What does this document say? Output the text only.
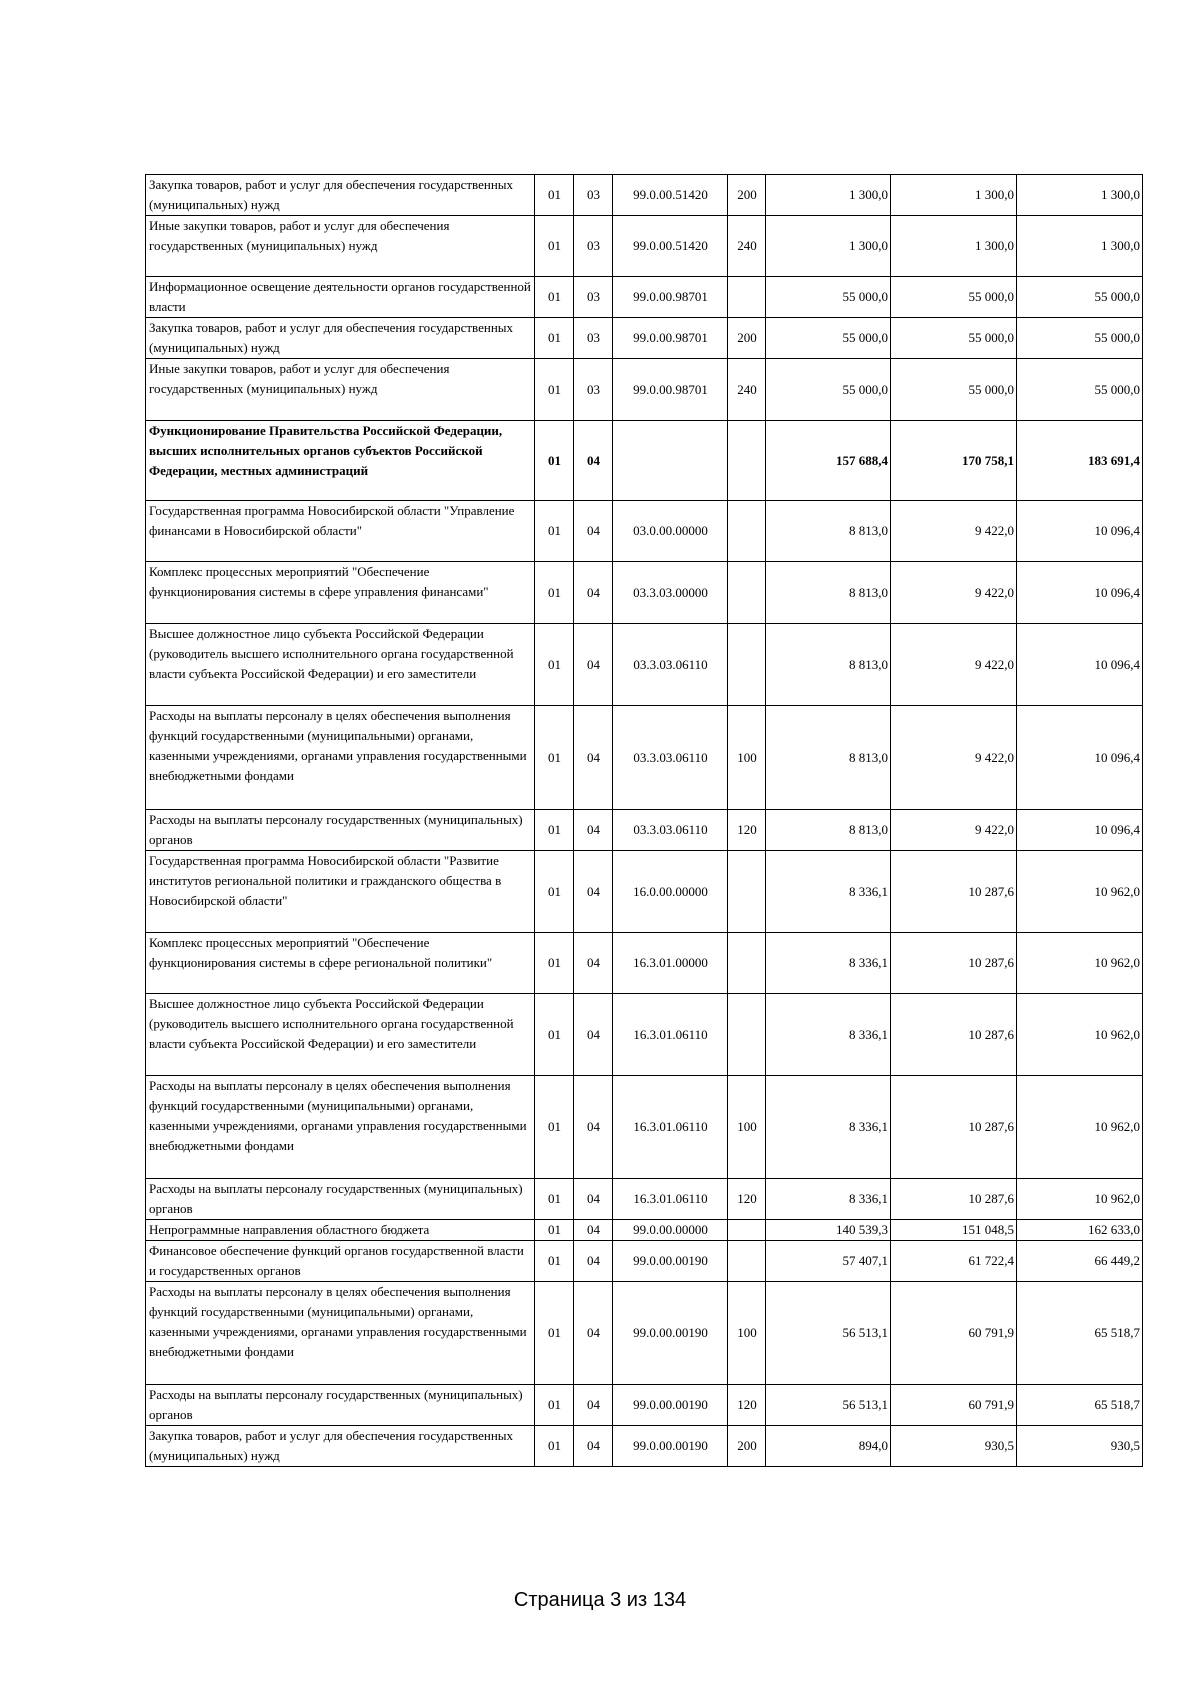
Закупка товаров, работ и услуг для обеспечения государственных (муниципальных) нужд	01	03	99.0.00.51420	200	1 300,0	1 300,0	1 300,0
Иные закупки товаров, работ и услуг для обеспечения государственных (муниципальных) нужд	01	03	99.0.00.51420	240	1 300,0	1 300,0	1 300,0
Информационное освещение деятельности органов государственной власти	01	03	99.0.00.98701		55 000,0	55 000,0	55 000,0
Закупка товаров, работ и услуг для обеспечения государственных (муниципальных) нужд	01	03	99.0.00.98701	200	55 000,0	55 000,0	55 000,0
Иные закупки товаров, работ и услуг для обеспечения государственных (муниципальных) нужд	01	03	99.0.00.98701	240	55 000,0	55 000,0	55 000,0
Функционирование Правительства Российской Федерации, высших исполнительных органов субъектов Российской Федерации, местных администраций	01	04			157 688,4	170 758,1	183 691,4
Государственная программа Новосибирской области "Управление финансами в Новосибирской области"	01	04	03.0.00.00000		8 813,0	9 422,0	10 096,4
Комплекс процессных мероприятий "Обеспечение функционирования системы в сфере управления финансами"	01	04	03.3.03.00000		8 813,0	9 422,0	10 096,4
Высшее должностное лицо субъекта Российской Федерации (руководитель высшего исполнительного органа государственной власти субъекта Российской Федерации) и его заместители	01	04	03.3.03.06110		8 813,0	9 422,0	10 096,4
Расходы на выплаты персоналу в целях обеспечения выполнения функций государственными (муниципальными) органами, казенными учреждениями, органами управления государственными внебюджетными фондами	01	04	03.3.03.06110	100	8 813,0	9 422,0	10 096,4
Расходы на выплаты персоналу государственных (муниципальных) органов	01	04	03.3.03.06110	120	8 813,0	9 422,0	10 096,4
Государственная программа Новосибирской области "Развитие институтов региональной политики и гражданского общества в Новосибирской области"	01	04	16.0.00.00000		8 336,1	10 287,6	10 962,0
Комплекс процессных мероприятий "Обеспечение функционирования системы в сфере региональной политики"	01	04	16.3.01.00000		8 336,1	10 287,6	10 962,0
Высшее должностное лицо субъекта Российской Федерации (руководитель высшего исполнительного органа государственной власти субъекта Российской Федерации) и его заместители	01	04	16.3.01.06110		8 336,1	10 287,6	10 962,0
Расходы на выплаты персоналу в целях обеспечения выполнения функций государственными (муниципальными) органами, казенными учреждениями, органами управления государственными внебюджетными фондами	01	04	16.3.01.06110	100	8 336,1	10 287,6	10 962,0
Расходы на выплаты персоналу государственных (муниципальных) органов	01	04	16.3.01.06110	120	8 336,1	10 287,6	10 962,0
Непрограммные направления областного бюджета	01	04	99.0.00.00000		140 539,3	151 048,5	162 633,0
Финансовое обеспечение функций органов государственной власти и государственных органов	01	04	99.0.00.00190		57 407,1	61 722,4	66 449,2
Расходы на выплаты персоналу в целях обеспечения выполнения функций государственными (муниципальными) органами, казенными учреждениями, органами управления государственными внебюджетными фондами	01	04	99.0.00.00190	100	56 513,1	60 791,9	65 518,7
Расходы на выплаты персоналу государственных (муниципальных) органов	01	04	99.0.00.00190	120	56 513,1	60 791,9	65 518,7
Закупка товаров, работ и услуг для обеспечения государственных (муниципальных) нужд	01	04	99.0.00.00190	200	894,0	930,5	930,5
Страница 3 из 134
